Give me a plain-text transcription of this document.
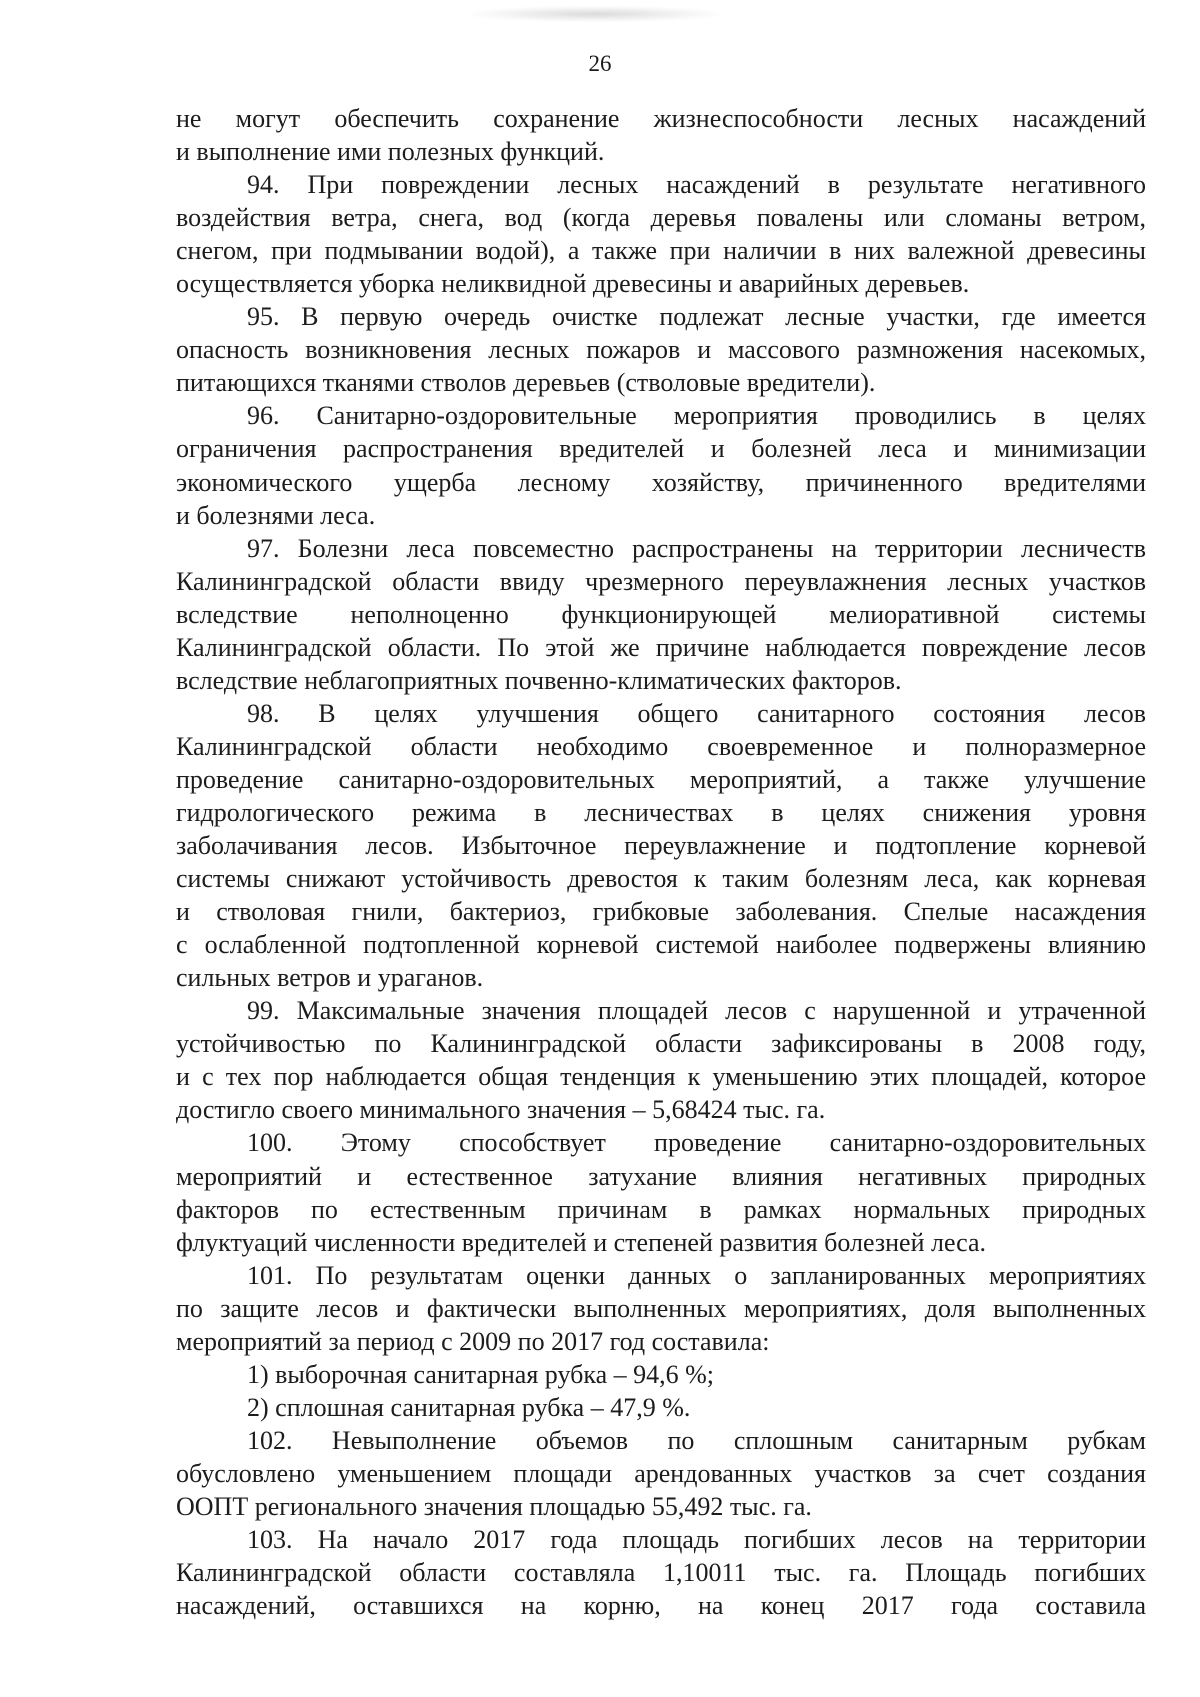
26
не могут обеспечить сохранение жизнеспособности лесных насаждений
и выполнение ими полезных функций.
94. При повреждении лесных насаждений в результате негативного
воздействия ветра, снега, вод (когда деревья повалены или сломаны ветром,
снегом, при подмывании водой), а также при наличии в них валежной древесины
осуществляется уборка неликвидной древесины и аварийных деревьев.
95. В первую очередь очистке подлежат лесные участки, где имеется
опасность возникновения лесных пожаров и массового размножения насекомых,
питающихся тканями стволов деревьев (стволовые вредители).
96. Санитарно-оздоровительные мероприятия проводились в целях
ограничения распространения вредителей и болезней леса и минимизации
экономического ущерба лесному хозяйству, причиненного вредителями
и болезнями леса.
97. Болезни леса повсеместно распространены на территории лесничеств
Калининградской области ввиду чрезмерного переувлажнения лесных участков
вследствие неполноценно функционирующей мелиоративной системы
Калининградской области. По этой же причине наблюдается повреждение лесов
вследствие неблагоприятных почвенно-климатических факторов.
98. В целях улучшения общего санитарного состояния лесов
Калининградской области необходимо своевременное и полноразмерное
проведение санитарно-оздоровительных мероприятий, а также улучшение
гидрологического режима в лесничествах в целях снижения уровня
заболачивания лесов. Избыточное переувлажнение и подтопление корневой
системы снижают устойчивость древостоя к таким болезням леса, как корневая
и стволовая гнили, бактериоз, грибковые заболевания. Спелые насаждения
с ослабленной подтопленной корневой системой наиболее подвержены влиянию
сильных ветров и ураганов.
99. Максимальные значения площадей лесов с нарушенной и утраченной
устойчивостью по Калининградской области зафиксированы в 2008 году,
и с тех пор наблюдается общая тенденция к уменьшению этих площадей, которое
достигло своего минимального значения – 5,68424 тыс. га.
100. Этому способствует проведение санитарно-оздоровительных
мероприятий и естественное затухание влияния негативных природных
факторов по естественным причинам в рамках нормальных природных
флуктуаций численности вредителей и степеней развития болезней леса.
101. По результатам оценки данных о запланированных мероприятиях
по защите лесов и фактически выполненных мероприятиях, доля выполненных
мероприятий за период с 2009 по 2017 год составила:
1) выборочная санитарная рубка – 94,6 %;
2) сплошная санитарная рубка – 47,9 %.
102. Невыполнение объемов по сплошным санитарным рубкам
обусловлено уменьшением площади арендованных участков за счет создания
ООПТ регионального значения площадью 55,492 тыс. га.
103. На начало 2017 года площадь погибших лесов на территории
Калининградской области составляла 1,10011 тыс. га. Площадь погибших
насаждений, оставшихся на корню, на конец 2017 года составила
